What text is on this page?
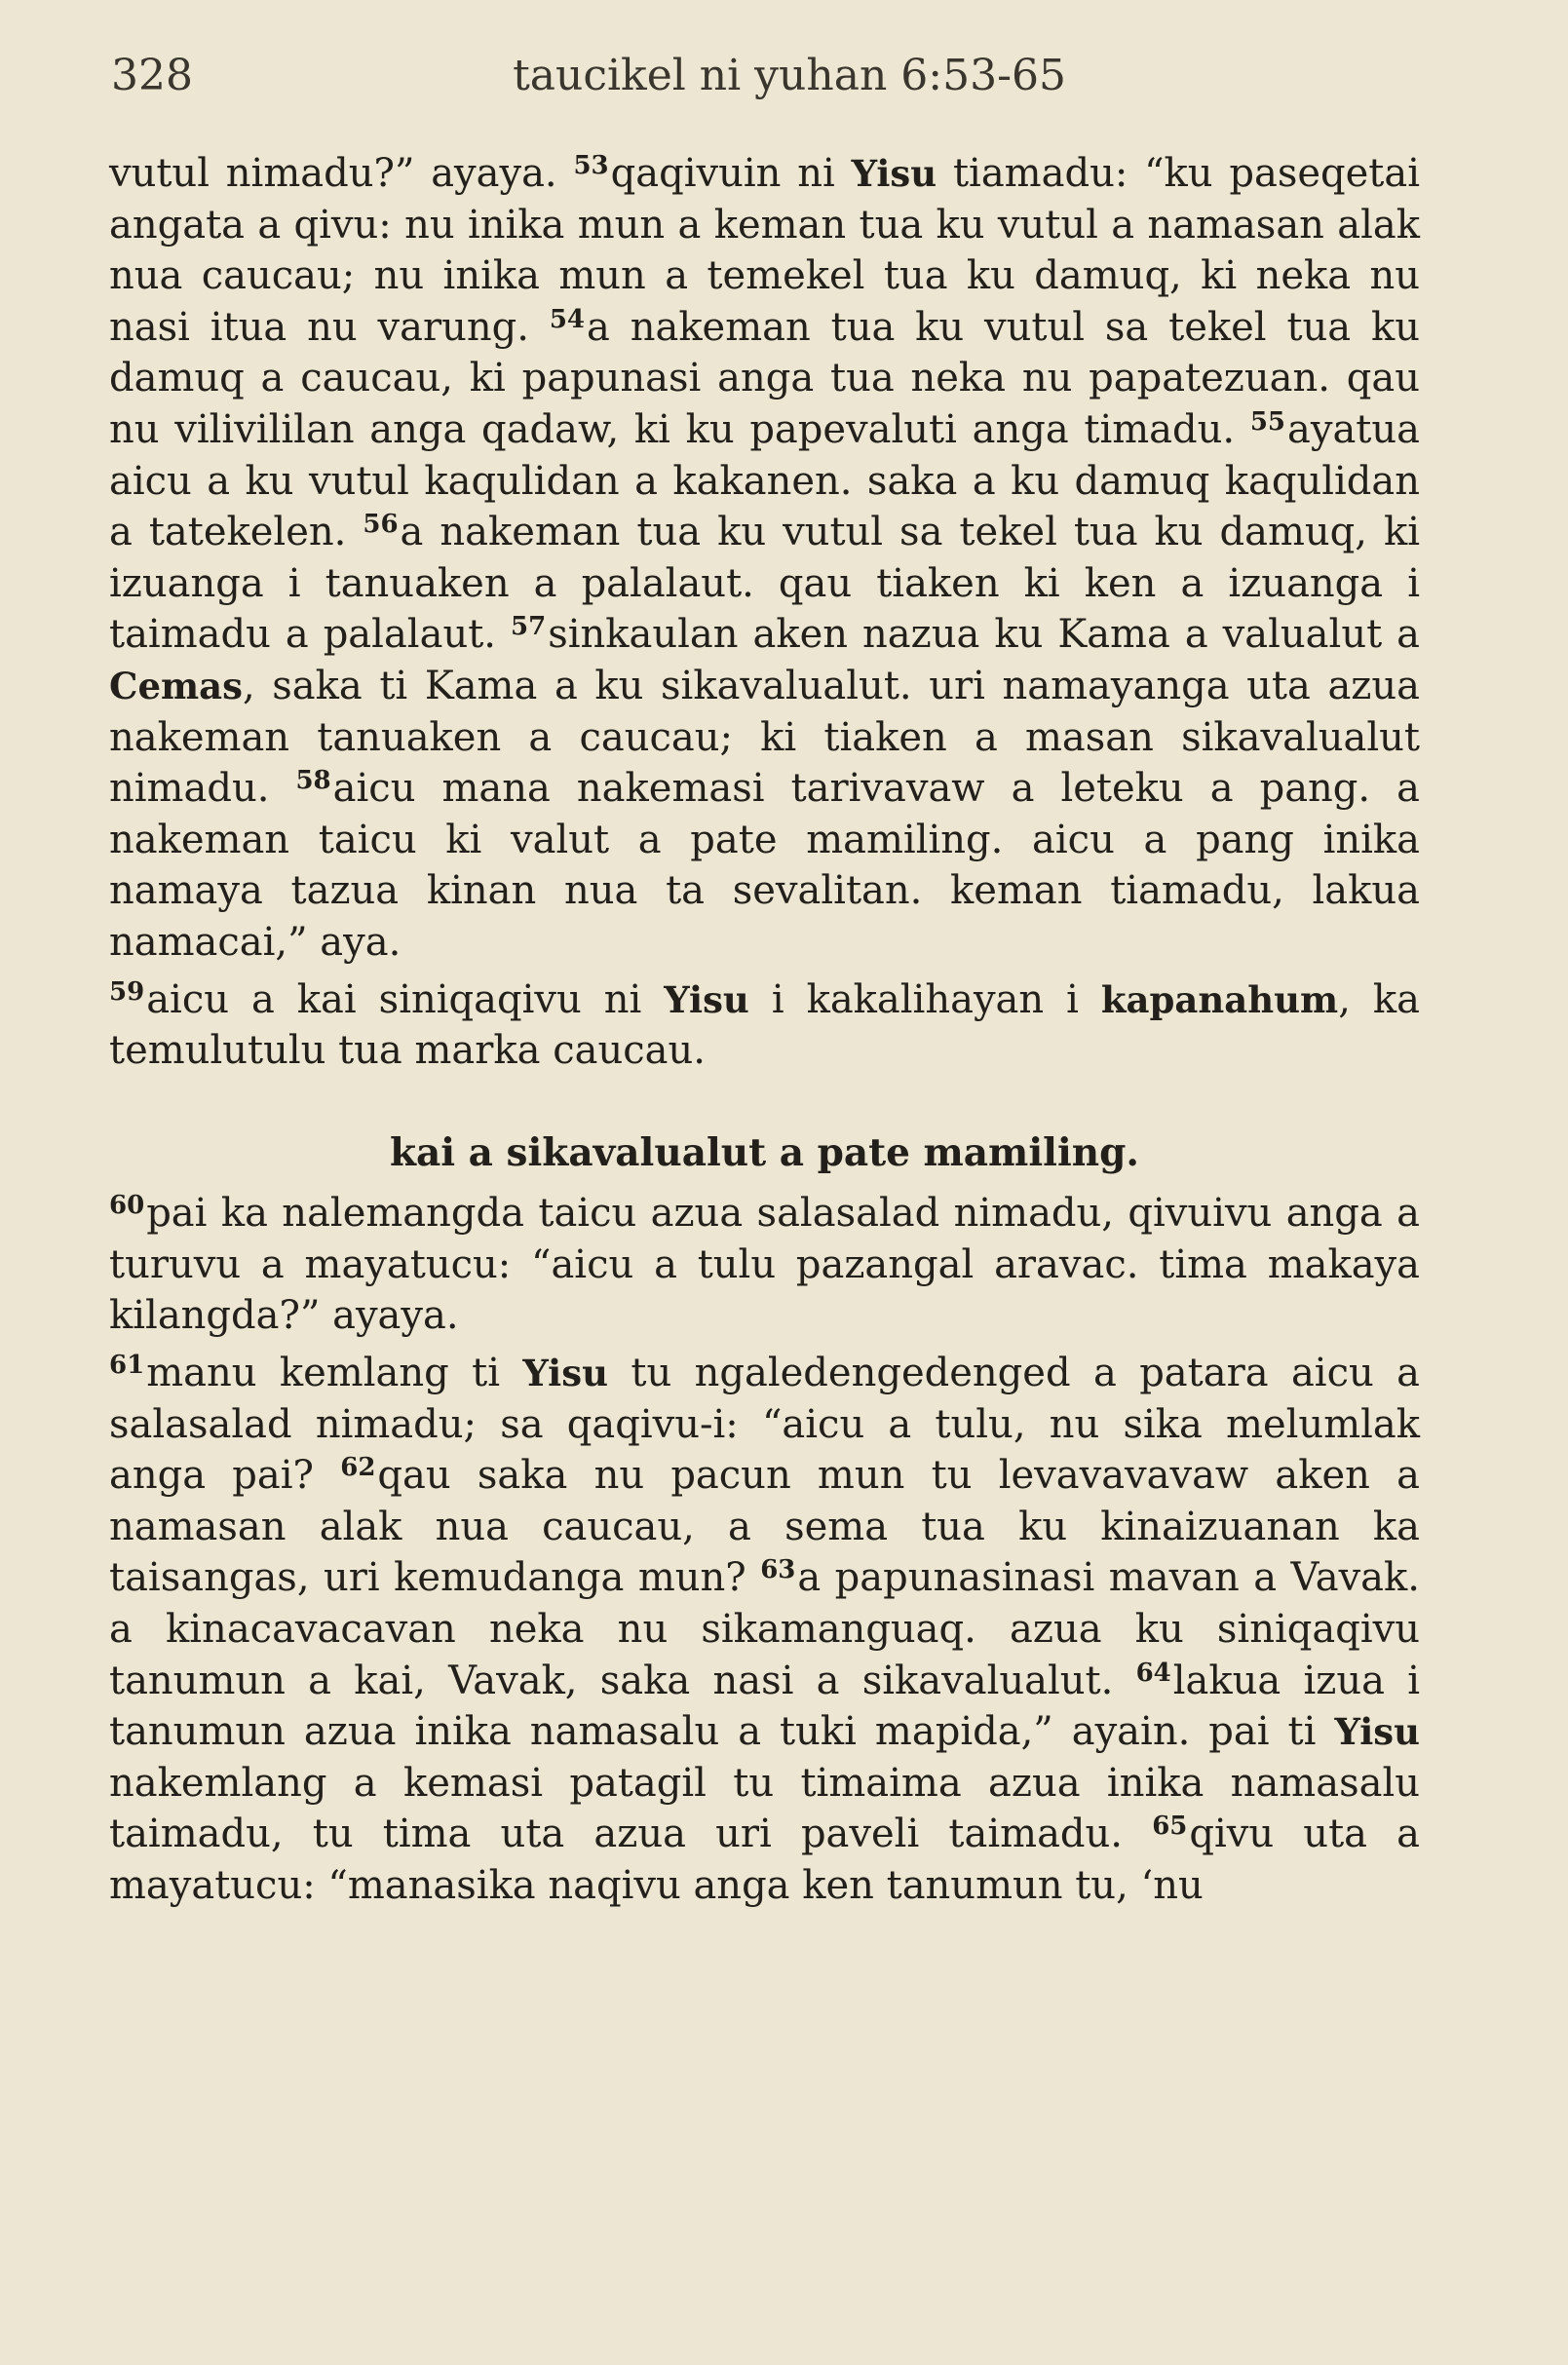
328	taucikel ni yuhan 6:53-65

vutul nimadu?” ayaya. $^{53}$qaqivuin ni Yisu tiamadu: “ku paseqetai angata a qivu: nu inika mun a keman tua ku vutul a namasan alak nua caucau; nu inika mun a temekel tua ku damuq, ki neka nu nasi itua nu varung. $^{54}$a nakeman tua ku vutul sa tekel tua ku damuq a caucau, ki papunasi anga tua neka nu papatezuan. qau nu vilivililan anga qadaw, ki ku papevaluti anga timadu. $^{55}$ayatua aicu a ku vutul kaqulidan a kakanen. saka a ku damuq kaqulidan a tatekelen. $^{56}$a nakeman tua ku vutul sa tekel tua ku damuq, ki izuanga i tanuaken a palalaut. qau tiaken ki ken a izuanga i taimadu a palalaut. $^{57}$sinkaulan aken nazua ku Kama a valualut a Cemas, saka ti Kama a ku sikavalualut. uri namayanga uta azua nakeman tanuaken a caucau; ki tiaken a masan sikavalualut nimadu. $^{58}$aicu mana nakemasi tarivavaw a leteku a pang. a nakeman taicu ki valut a pate mamiling. aicu a pang inika namaya tazua kinan nua ta sevalitan. keman tiamadu, lakua namacai,” aya.

$^{59}$aicu a kai siniqaqivu ni Yisu i kakalihayan i kapanahum, ka temulutulu tua marka caucau.

kai a sikavalualut a pate mamiling.

$^{60}$pai ka nalemangda taicu azua salasalad nimadu, qivuivu anga a turuvu a mayatucu: “aicu a tulu pazangal aravac. tima makaya kilangda?” ayaya.

$^{61}$manu kemlang ti Yisu tu ngaledengedenged a patara aicu a salasalad nimadu; sa qaqivu-i: “aicu a tulu, nu sika melumlak anga pai? $^{62}$qau saka nu pacun mun tu levavavavaw aken a namasan alak nua caucau, a sema tua ku kinaizuanan ka taisangas, uri kemudanga mun? $^{63}$a papunasinasi mavan a Vavak. a kinacavacavan neka nu sikamanguaq. azua ku siniqaqivu tanumun a kai, Vavak, saka nasi a sikavalualut. $^{64}$lakua izua i tanumun azua inika namasalu a tuki mapida,” ayain. pai ti Yisu nakemlang a kemasi patagil tu timaima azua inika namasalu taimadu, tu tima uta azua uri paveli taimadu. $^{65}$qivu uta a mayatucu: “manasika naqivu anga ken tanumun tu, ‘nu
